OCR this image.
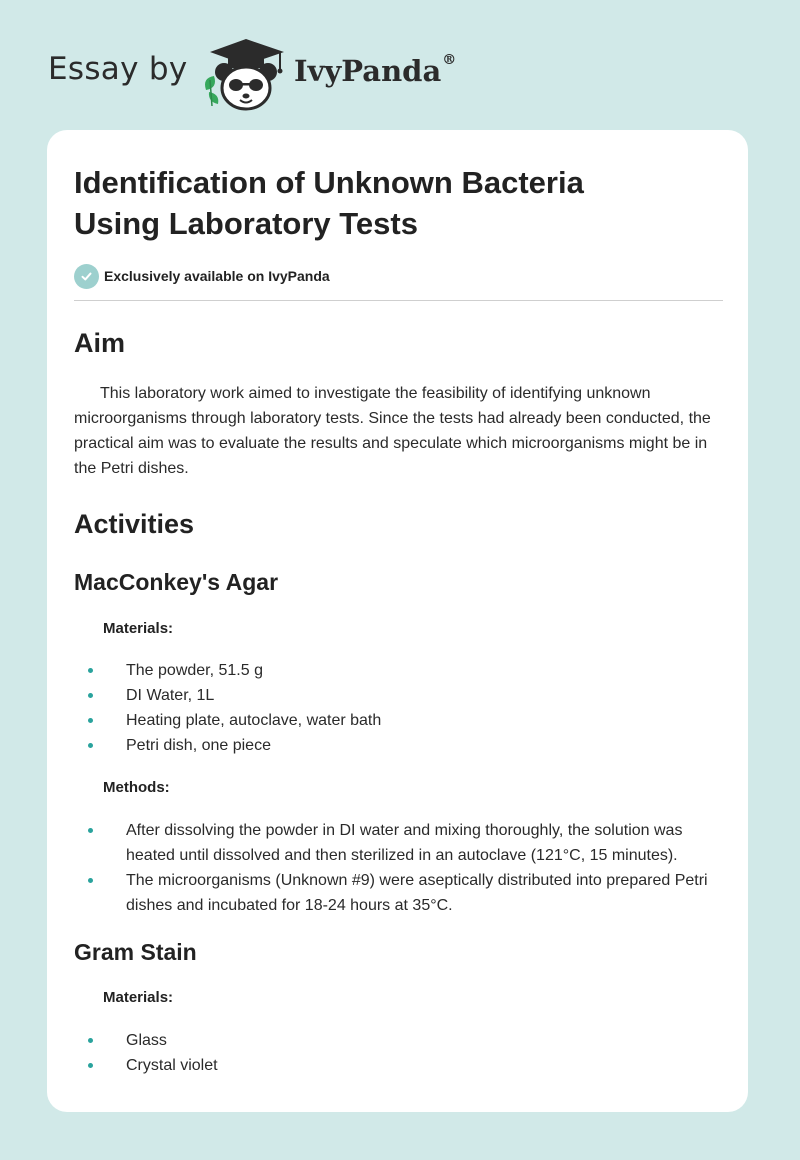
Essay by	IvyPanda®
Identification of Unknown Bacteria
Using Laboratory Tests
Exclusively available on IvyPanda
Aim

This laboratory work aimed to investigate the feasibility of identifying unknown microorganisms through laboratory tests. Since the tests had already been conducted, the practical aim was to evaluate the results and speculate which microorganisms might be in the Petri dishes.

Activities
MacConkey's Agar
Materials:
The powder, 51.5 g
DI Water, 1L
Heating plate, autoclave, water bath
Petri dish, one piece
Methods:
After dissolving the powder in DI water and mixing thoroughly, the solution was heated until dissolved and then sterilized in an autoclave (121°C, 15 minutes).
The microorganisms (Unknown #9) were aseptically distributed into prepared Petri dishes and incubated for 18-24 hours at 35°C.
Gram Stain
Materials:
Glass
Crystal violet
